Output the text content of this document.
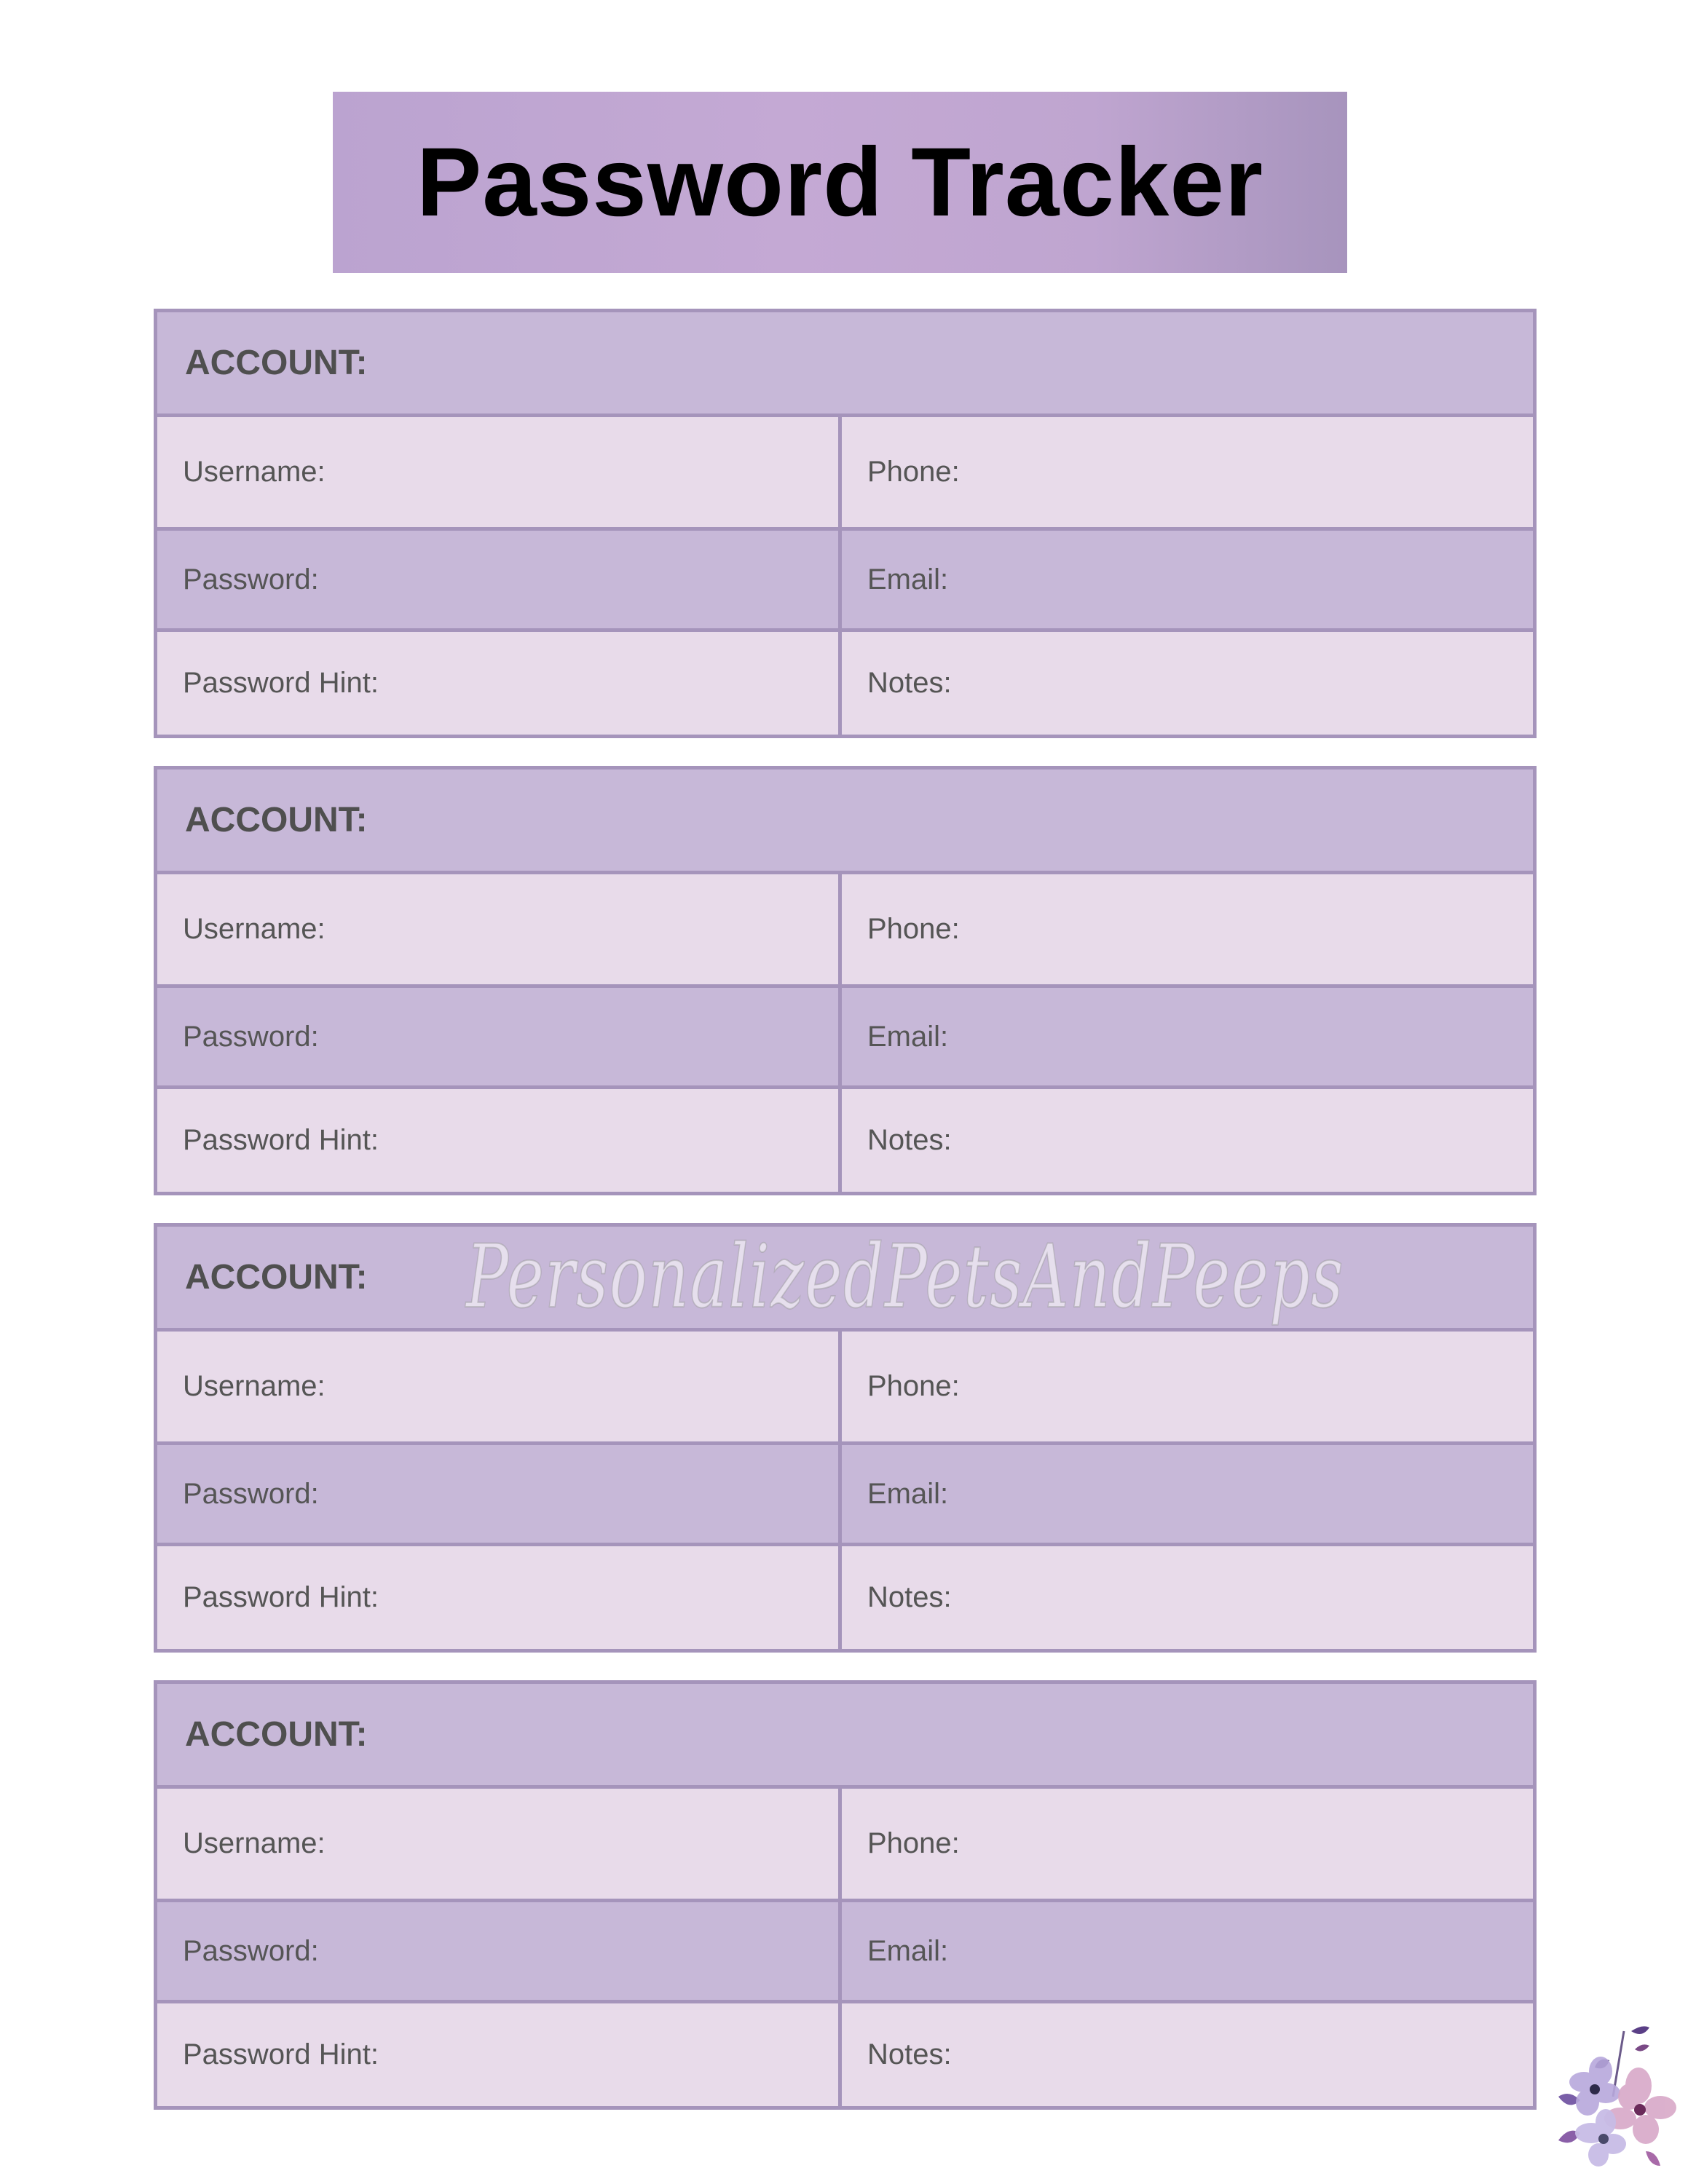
Password Tracker
ACCOUNT:
Username:	Phone:
Password:	Email:
Password Hint:	Notes:
ACCOUNT:
Username:	Phone:
Password:	Email:
Password Hint:	Notes:
ACCOUNT:
Username:	Phone:
Password:	Email:
Password Hint:	Notes:
ACCOUNT:
Username:	Phone:
Password:	Email:
Password Hint:	Notes:
PersonalizedPetsAndPeeps
